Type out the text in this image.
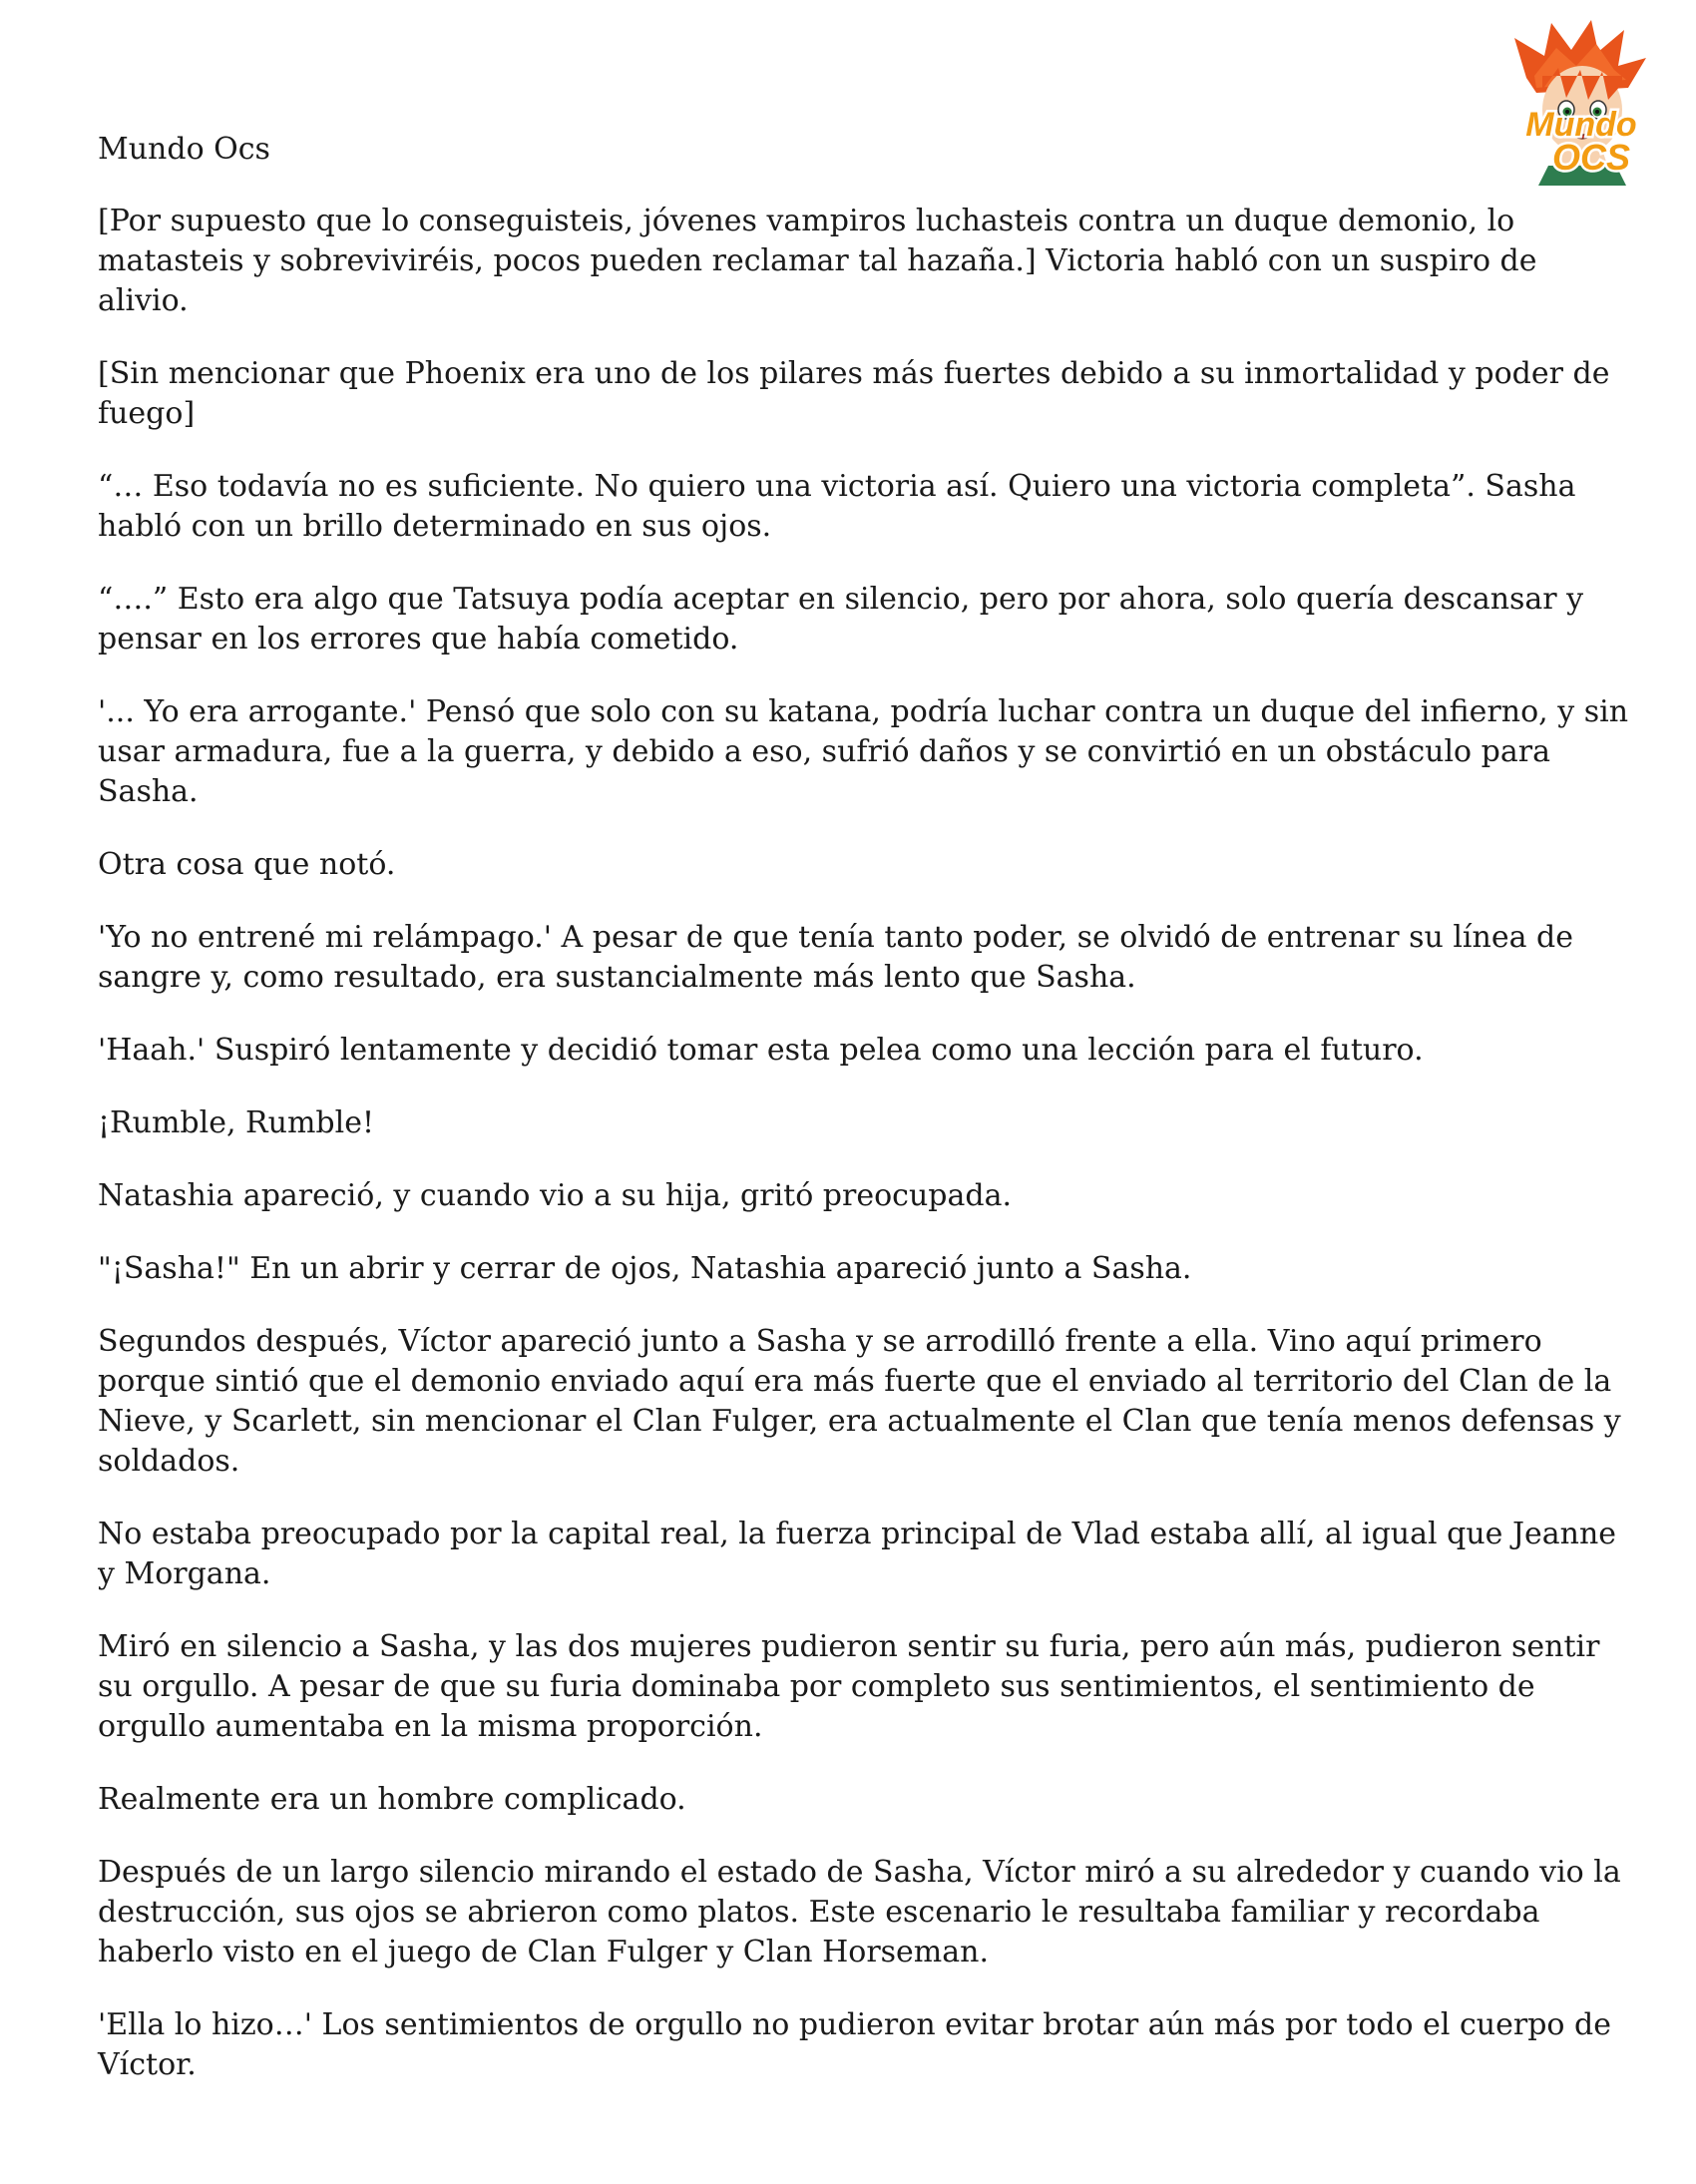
Mundo
OCS
Mundo Ocs

[Por supuesto que lo conseguisteis, jóvenes vampiros luchasteis contra un duque demonio, lo matasteis y sobreviviréis, pocos pueden reclamar tal hazaña.] Victoria habló con un suspiro de alivio.

[Sin mencionar que Phoenix era uno de los pilares más fuertes debido a su inmortalidad y poder de fuego]

“… Eso todavía no es suficiente. No quiero una victoria así. Quiero una victoria completa”. Sasha habló con un brillo determinado en sus ojos.

“….” Esto era algo que Tatsuya podía aceptar en silencio, pero por ahora, solo quería descansar y pensar en los errores que había cometido.

'... Yo era arrogante.' Pensó que solo con su katana, podría luchar contra un duque del infierno, y sin usar armadura, fue a la guerra, y debido a eso, sufrió daños y se convirtió en un obstáculo para Sasha.

Otra cosa que notó.

'Yo no entrené mi relámpago.' A pesar de que tenía tanto poder, se olvidó de entrenar su línea de sangre y, como resultado, era sustancialmente más lento que Sasha.

'Haah.' Suspiró lentamente y decidió tomar esta pelea como una lección para el futuro.

¡Rumble, Rumble!

Natashia apareció, y cuando vio a su hija, gritó preocupada.

"¡Sasha!" En un abrir y cerrar de ojos, Natashia apareció junto a Sasha.

Segundos después, Víctor apareció junto a Sasha y se arrodilló frente a ella. Vino aquí primero porque sintió que el demonio enviado aquí era más fuerte que el enviado al territorio del Clan de la Nieve, y Scarlett, sin mencionar el Clan Fulger, era actualmente el Clan que tenía menos defensas y soldados.

No estaba preocupado por la capital real, la fuerza principal de Vlad estaba allí, al igual que Jeanne y Morgana.

Miró en silencio a Sasha, y las dos mujeres pudieron sentir su furia, pero aún más, pudieron sentir su orgullo. A pesar de que su furia dominaba por completo sus sentimientos, el sentimiento de orgullo aumentaba en la misma proporción.

Realmente era un hombre complicado.

Después de un largo silencio mirando el estado de Sasha, Víctor miró a su alrededor y cuando vio la destrucción, sus ojos se abrieron como platos. Este escenario le resultaba familiar y recordaba haberlo visto en el juego de Clan Fulger y Clan Horseman.

'Ella lo hizo…' Los sentimientos de orgullo no pudieron evitar brotar aún más por todo el cuerpo de Víctor.
